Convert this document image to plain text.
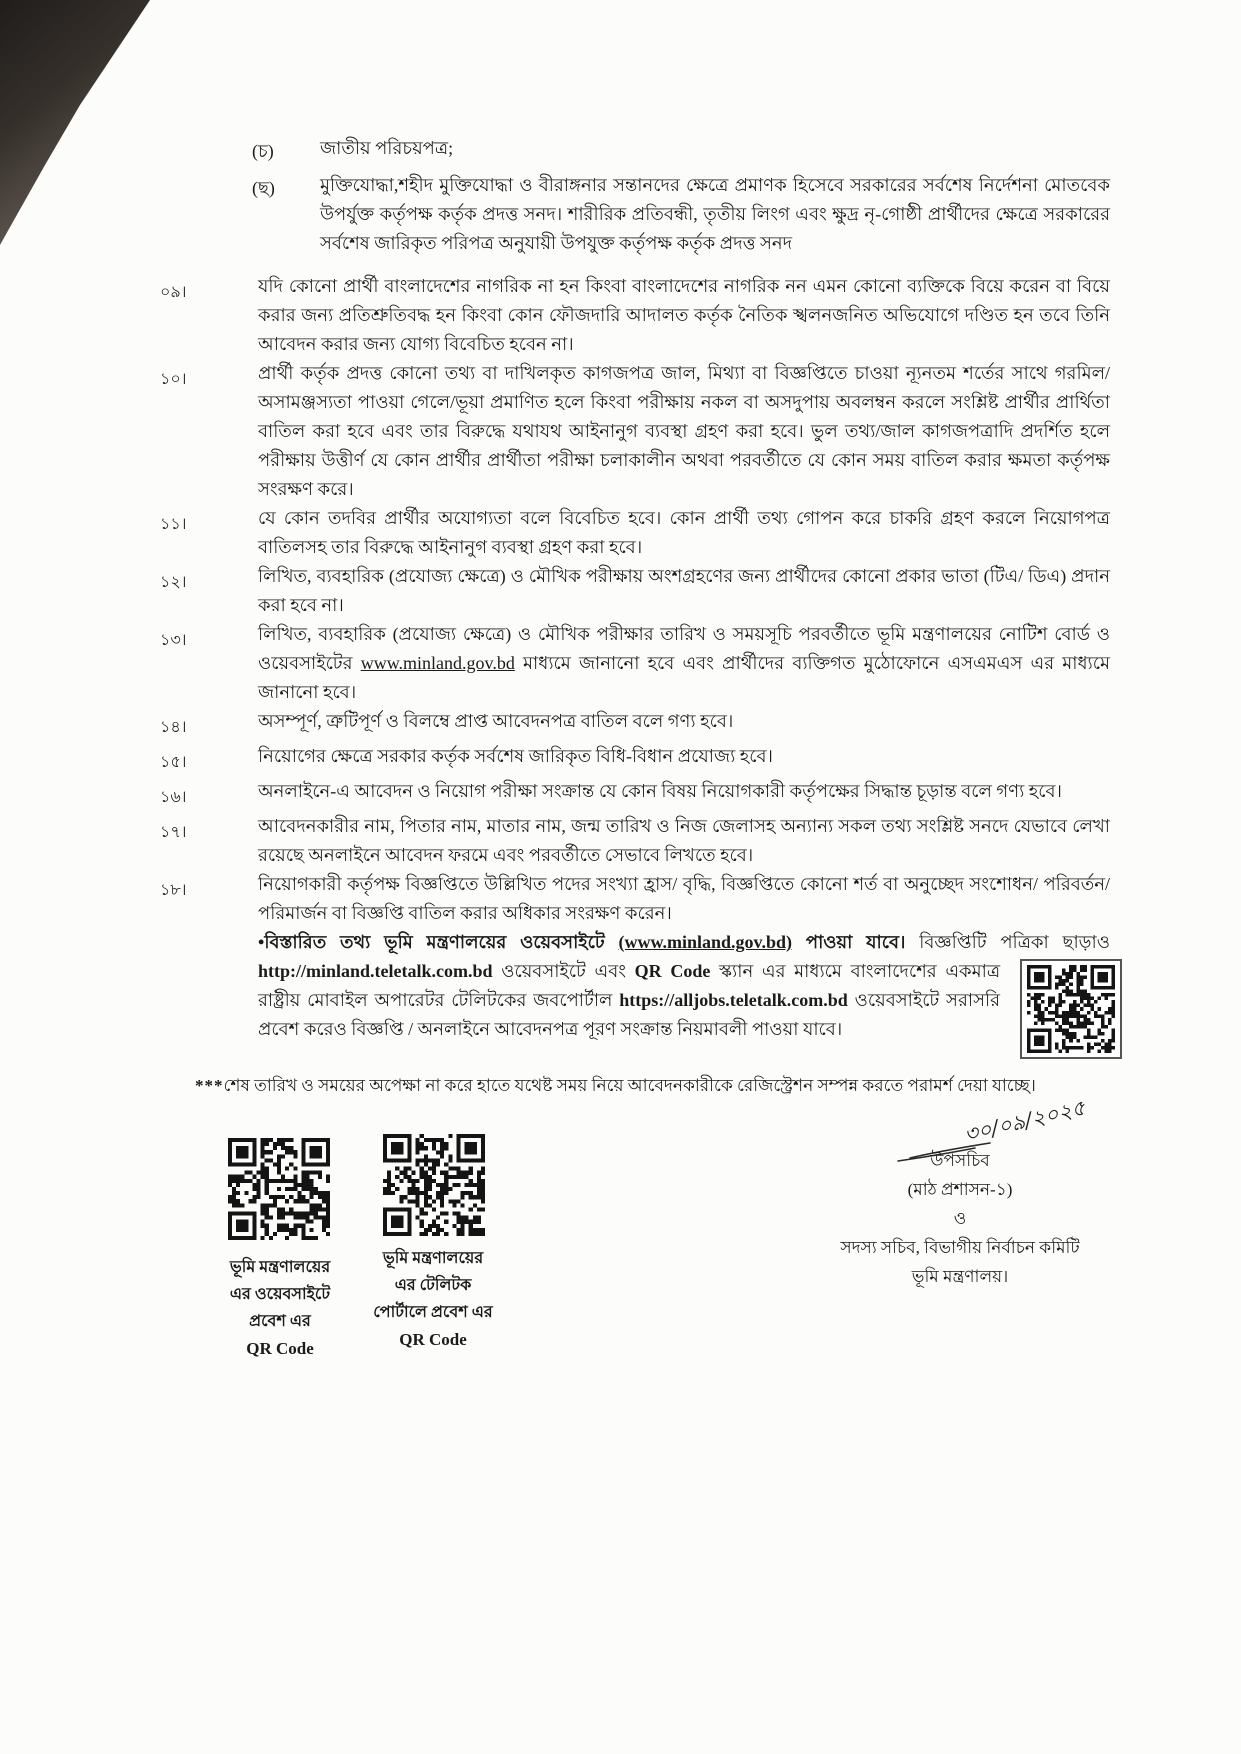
(চ)	জাতীয় পরিচয়পত্র;

(ছ)	মুক্তিযোদ্ধা,শহীদ মুক্তিযোদ্ধা ও বীরাঙ্গনার সন্তানদের ক্ষেত্রে প্রমাণক হিসেবে সরকারের সর্বশেষ নির্দেশনা মোতবেক উপর্যুক্ত কর্তৃপক্ষ কর্তৃক প্রদত্ত সনদ। শারীরিক প্রতিবন্ধী, তৃতীয় লিংগ এবং ক্ষুদ্র নৃ-গোষ্ঠী প্রার্থীদের ক্ষেত্রে সরকারের সর্বশেষ জারিকৃত পরিপত্র অনুযায়ী উপযুক্ত কর্তৃপক্ষ কর্তৃক প্রদত্ত সনদ

০৯।	যদি কোনো প্রার্থী বাংলাদেশের নাগরিক না হন কিংবা বাংলাদেশের নাগরিক নন এমন কোনো ব্যক্তিকে বিয়ে করেন বা বিয়ে করার জন্য প্রতিশ্রুতিবদ্ধ হন কিংবা কোন ফৌজদারি আদালত কর্তৃক নৈতিক স্খলনজনিত অভিযোগে দণ্ডিত হন তবে তিনি আবেদন করার জন্য যোগ্য বিবেচিত হবেন না।

১০।	প্রার্থী কর্তৃক প্রদত্ত কোনো তথ্য বা দাখিলকৃত কাগজপত্র জাল, মিথ্যা বা বিজ্ঞপ্তিতে চাওয়া ন্যূনতম শর্তের সাথে গরমিল/অসামঞ্জস্যতা পাওয়া গেলে/ভূয়া প্রমাণিত হলে কিংবা পরীক্ষায় নকল বা অসদুপায় অবলম্বন করলে সংশ্লিষ্ট প্রার্থীর প্রার্থিতা বাতিল করা হবে এবং তার বিরুদ্ধে যথাযথ আইনানুগ ব্যবস্থা গ্রহণ করা হবে। ভুল তথ্য/জাল কাগজপত্রাদি প্রদর্শিত হলে পরীক্ষায় উত্তীর্ণ যে কোন প্রার্থীর প্রার্থীতা পরীক্ষা চলাকালীন অথবা পরবর্তীতে যে কোন সময় বাতিল করার ক্ষমতা কর্তৃপক্ষ সংরক্ষণ করে।

১১।	যে কোন তদবির প্রার্থীর অযোগ্যতা বলে বিবেচিত হবে। কোন প্রার্থী তথ্য গোপন করে চাকরি গ্রহণ করলে নিয়োগপত্র বাতিলসহ তার বিরুদ্ধে আইনানুগ ব্যবস্থা গ্রহণ করা হবে।

১২।	লিখিত, ব্যবহারিক (প্রযোজ্য ক্ষেত্রে) ও মৌখিক পরীক্ষায় অংশগ্রহণের জন্য প্রার্থীদের কোনো প্রকার ভাতা (টিএ/ ডিএ) প্রদান করা হবে না।

১৩।	লিখিত, ব্যবহারিক (প্রযোজ্য ক্ষেত্রে) ও মৌখিক পরীক্ষার তারিখ ও সময়সূচি পরবর্তীতে ভূমি মন্ত্রণালয়ের নোটিশ বোর্ড ও ওয়েবসাইটের www.minland.gov.bd মাধ্যমে জানানো হবে এবং প্রার্থীদের ব্যক্তিগত মুঠোফোনে এসএমএস এর মাধ্যমে জানানো হবে।

১৪।	অসম্পূর্ণ, ত্রুটিপূর্ণ ও বিলম্বে প্রাপ্ত আবেদনপত্র বাতিল বলে গণ্য হবে।

১৫।	নিয়োগের ক্ষেত্রে সরকার কর্তৃক সর্বশেষ জারিকৃত বিধি-বিধান প্রযোজ্য হবে।

১৬।	অনলাইনে-এ আবেদন ও নিয়োগ পরীক্ষা সংক্রান্ত যে কোন বিষয় নিয়োগকারী কর্তৃপক্ষের সিদ্ধান্ত চূড়ান্ত বলে গণ্য হবে।

১৭।	আবেদনকারীর নাম, পিতার নাম, মাতার নাম, জন্ম তারিখ ও নিজ জেলাসহ অন্যান্য সকল তথ্য সংশ্লিষ্ট সনদে যেভাবে লেখা রয়েছে অনলাইনে আবেদন ফরমে এবং পরবর্তীতে সেভাবে লিখতে হবে।

১৮।	নিয়োগকারী কর্তৃপক্ষ বিজ্ঞপ্তিতে উল্লিখিত পদের সংখ্যা হ্রাস/ বৃদ্ধি, বিজ্ঞপ্তিতে কোনো শর্ত বা অনুচ্ছেদ সংশোধন/ পরিবর্তন/ পরিমার্জন বা বিজ্ঞপ্তি বাতিল করার অধিকার সংরক্ষণ করেন।

•বিস্তারিত তথ্য ভূমি মন্ত্রণালয়ের ওয়েবসাইটে (www.minland.gov.bd) পাওয়া যাবে। বিজ্ঞপ্তিটি পত্রিকা ছাড়াও http://minland.teletalk.com.bd ওয়েবসাইটে এবং QR Code স্ক্যান এর মাধ্যমে বাংলাদেশের একমাত্র রাষ্ট্রীয় মোবাইল অপারেটর টেলিটকের জবপোর্টাল https://alljobs.teletalk.com.bd ওয়েবসাইটে সরাসরি প্রবেশ করেও বিজ্ঞপ্তি / অনলাইনে আবেদনপত্র পূরণ সংক্রান্ত নিয়মাবলী পাওয়া যাবে।

***শেষ তারিখ ও সময়ের অপেক্ষা না করে হাতে যথেষ্ট সময় নিয়ে আবেদনকারীকে রেজিস্ট্রেশন সম্পন্ন করতে পরামর্শ দেয়া যাচ্ছে।

ভূমি মন্ত্রণালয়ের
এর ওয়েবসাইটে
প্রবেশ এর
QR Code
ভূমি মন্ত্রণালয়ের
এর টেলিটক
পোর্টালে প্রবেশ এর
QR Code
৩০/০৯/২০২৫
উপসচিব
(মাঠ প্রশাসন-১)
ও
সদস্য সচিব, বিভাগীয় নির্বাচন কমিটি
ভূমি মন্ত্রণালয়।
